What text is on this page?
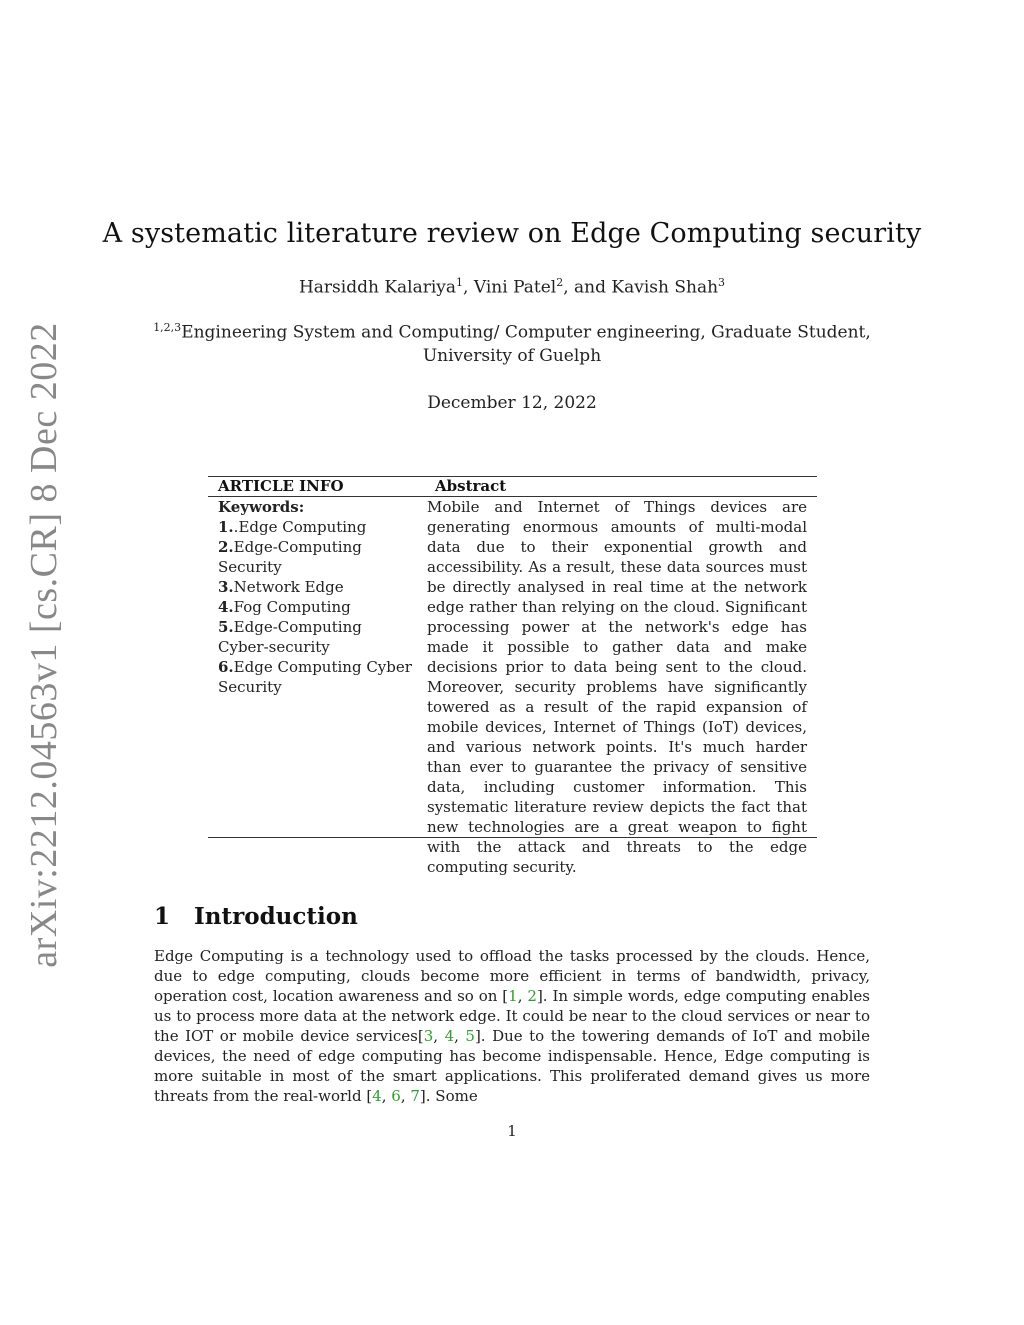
arXiv:2212.04563v1 [cs.CR] 8 Dec 2022
A systematic literature review on Edge Computing security
Harsiddh Kalariya$^1$, Vini Patel$^2$, and Kavish Shah$^3$
$^{1,2,3}$Engineering System and Computing/ Computer engineering, Graduate Student,
University of Guelph
December 12, 2022
ARTICLE INFO	Abstract
Keywords:
1..Edge Computing
2.Edge-Computing Security
3.Network Edge
4.Fog Computing
5.Edge-Computing Cyber-security
6.Edge Computing Cyber Security
Mobile and Internet of Things devices are generating enormous amounts of multi-modal data due to their exponential growth and accessibility. As a result, these data sources must be directly analysed in real time at the network edge rather than relying on the cloud. Significant processing power at the network's edge has made it possible to gather data and make decisions prior to data being sent to the cloud. Moreover, security problems have significantly towered as a result of the rapid expansion of mobile devices, Internet of Things (IoT) devices, and various network points. It's much harder than ever to guarantee the privacy of sensitive data, including customer information. This systematic literature review depicts the fact that new technologies are a great weapon to fight with the attack and threats to the edge computing security.
1 Introduction
Edge Computing is a technology used to offload the tasks processed by the clouds. Hence, due to edge computing, clouds become more efficient in terms of bandwidth, privacy, operation cost, location awareness and so on [1, 2]. In simple words, edge computing enables us to process more data at the network edge. It could be near to the cloud services or near to the IOT or mobile device services[3, 4, 5]. Due to the towering demands of IoT and mobile devices, the need of edge computing has become indispensable. Hence, Edge computing is more suitable in most of the smart applications. This proliferated demand gives us more threats from the real-world [4, 6, 7]. Some
1
